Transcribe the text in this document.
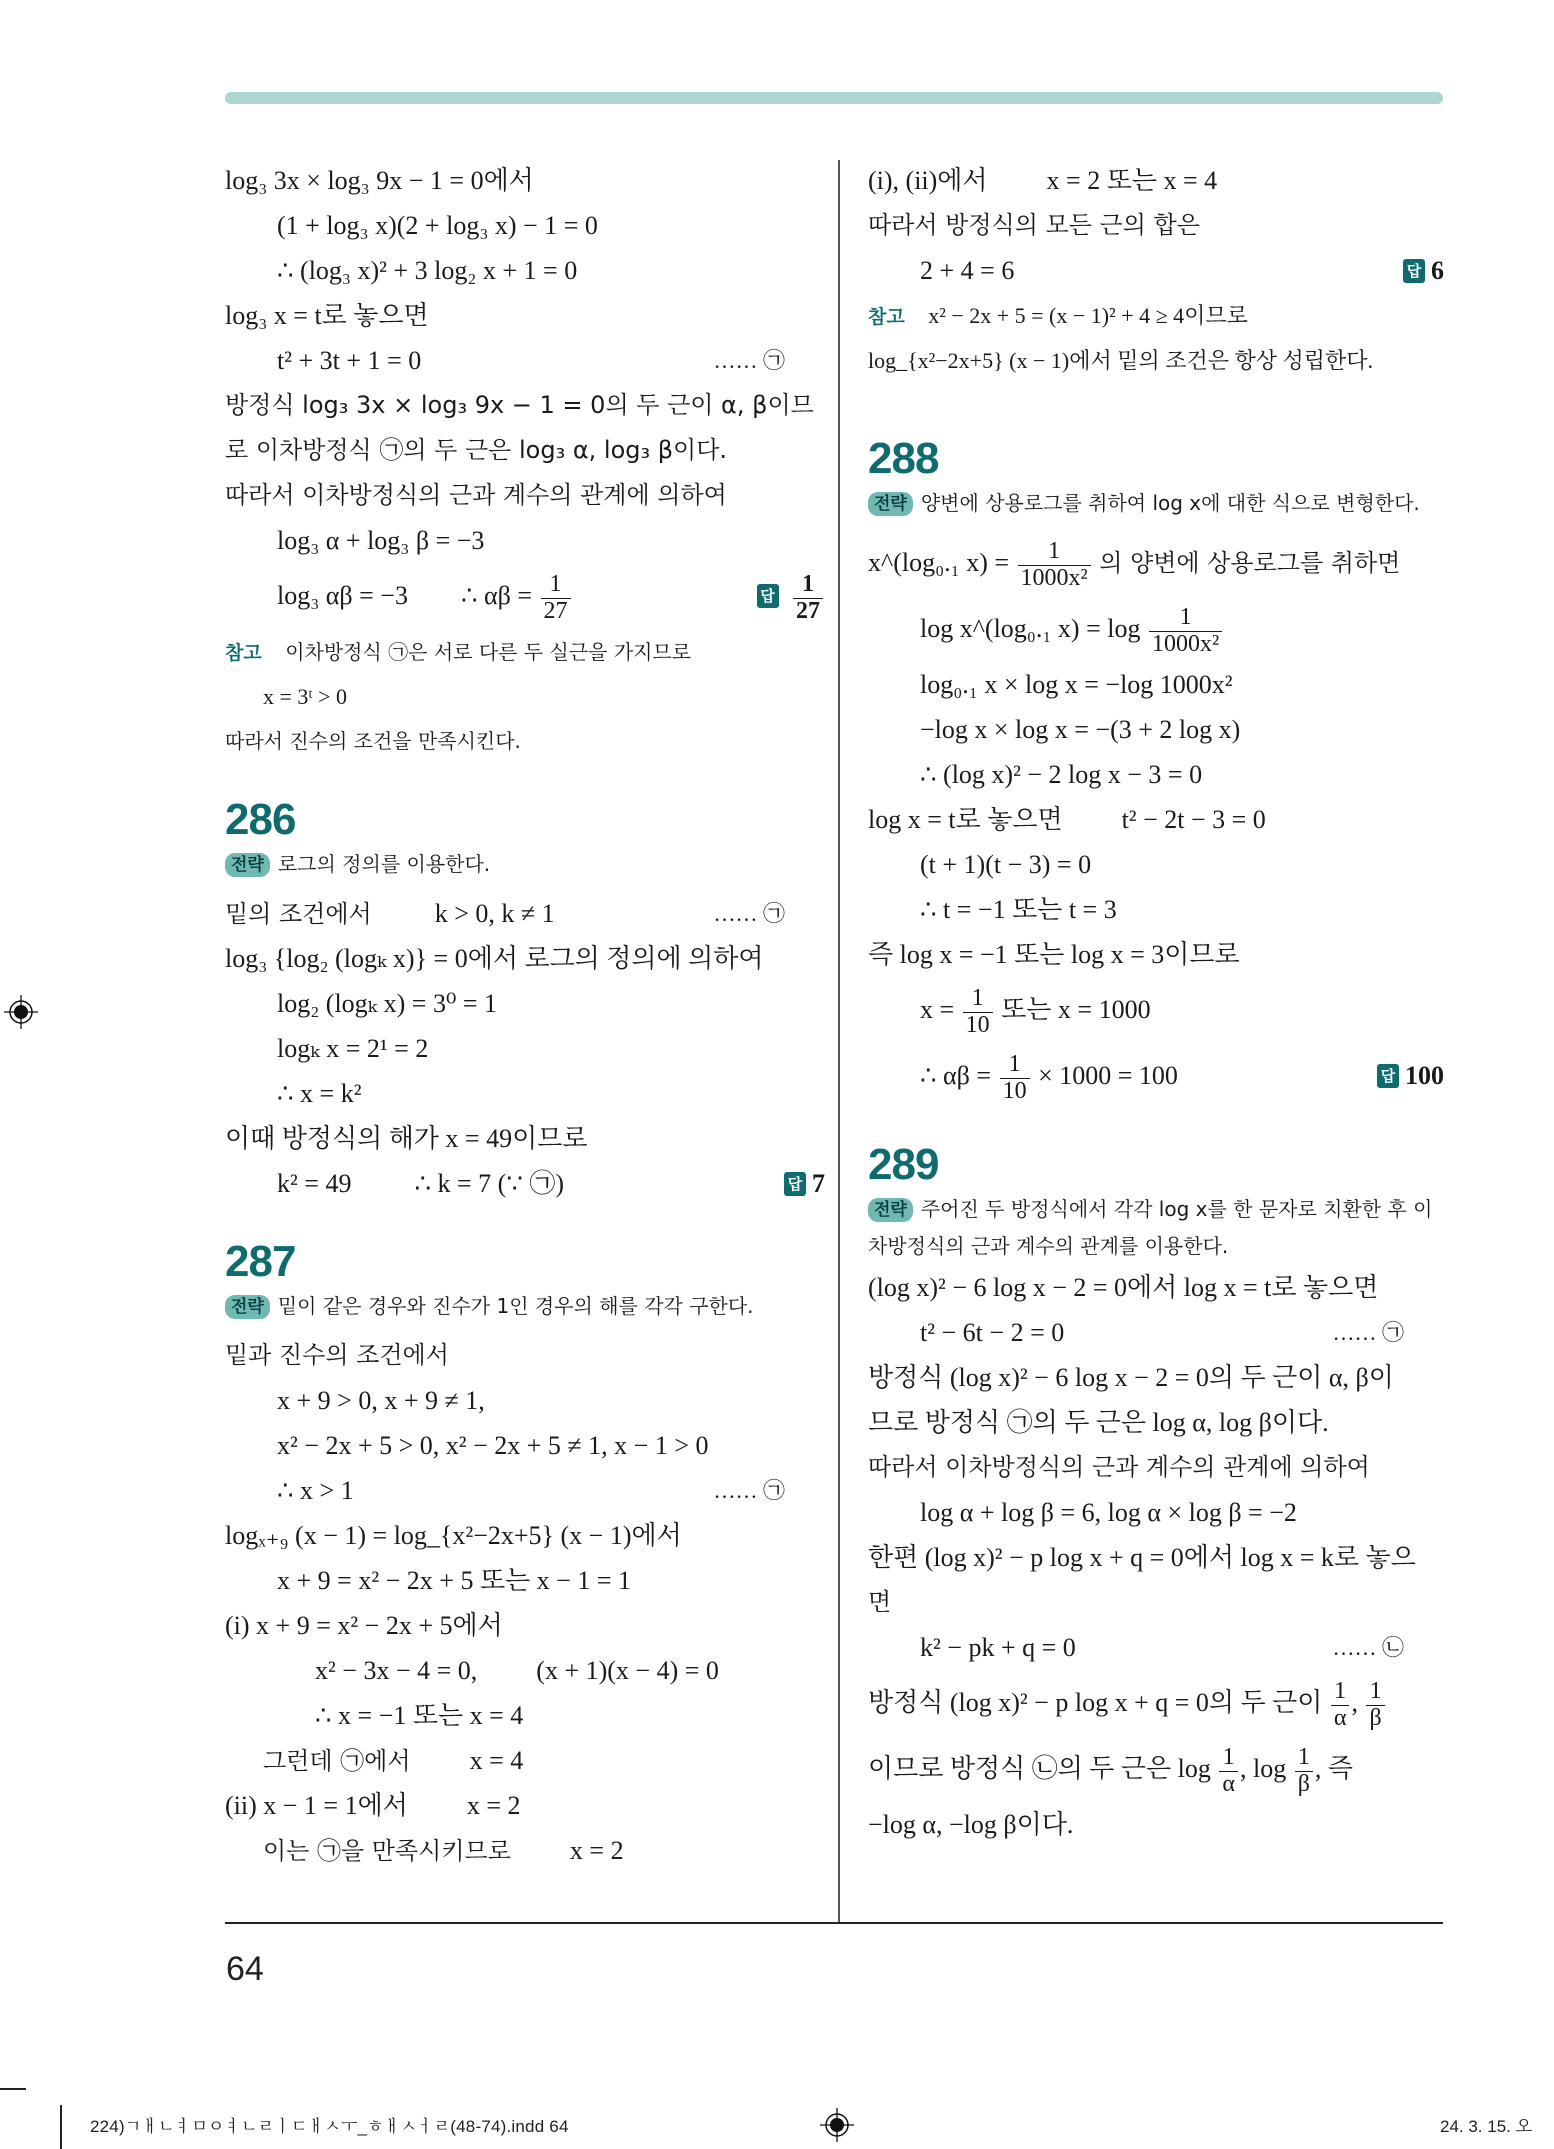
log₃ 3x × log₃ 9x − 1 = 0에서
(1 + log₃ x)(2 + log₃ x) − 1 = 0
∴ (log₃ x)² + 3 log₂ x + 1 = 0
log₃ x = t로 놓으면
t² + 3t + 1 = 0	…… ㉠
방정식 log₃ 3x × log₃ 9x − 1 = 0의 두 근이 α, β이므
로 이차방정식 ㉠의 두 근은 log₃ α, log₃ β이다.
따라서 이차방정식의 근과 계수의 관계에 의하여
log₃ α + log₃ β = −3
log₃ αβ = −3 ∴ $\alpha\beta = \frac{1}{27}$	답 $\frac{1}{27}$
참고 이차방정식 ㉠은 서로 다른 두 실근을 가지므로
x = 3ᵗ > 0
따라서 진수의 조건을 만족시킨다.
286
전략 로그의 정의를 이용한다.
밑의 조건에서 k > 0, k ≠ 1	…… ㉠
log₃ {log₂ (logₖ x)} = 0에서 로그의 정의에 의하여
log₂ (logₖ x) = 3⁰ = 1
logₖ x = 2¹ = 2
∴ x = k²
이때 방정식의 해가 x = 49이므로
k² = 49 ∴ k = 7 (∵ ㉠)	답 7
287
전략 밑이 같은 경우와 진수가 1인 경우의 해를 각각 구한다.
밑과 진수의 조건에서
x + 9 > 0, x + 9 ≠ 1,
x² − 2x + 5 > 0, x² − 2x + 5 ≠ 1, x − 1 > 0
∴ x > 1	…… ㉠
logₓ₊₉ (x − 1) = log_{x²−2x+5} (x − 1)에서
x + 9 = x² − 2x + 5 또는 x − 1 = 1
(i) x + 9 = x² − 2x + 5에서
x² − 3x − 4 = 0, (x + 1)(x − 4) = 0
∴ x = −1 또는 x = 4
그런데 ㉠에서 x = 4
(ii) x − 1 = 1에서 x = 2
이는 ㉠을 만족시키므로 x = 2
(i), (ii)에서 x = 2 또는 x = 4
따라서 방정식의 모든 근의 합은
2 + 4 = 6	답 6
참고 x² − 2x + 5 = (x − 1)² + 4 ≥ 4이므로
log_{x²−2x+5} (x − 1)에서 밑의 조건은 항상 성립한다.
288
전략 양변에 상용로그를 취하여 log x에 대한 식으로 변형한다.
x^(log₀.₁ $x) = \frac{1}{\text{1000x²}}$ 의 양변에 상용로그를 취하면
log x^(log₀.₁ $x) = \log \frac{1}{\text{1000x²}}$
log₀.₁ x × log x = −log 1000x²
−log x × log x = −(3 + 2 log x)
∴ (log x)² − 2 log x − 3 = 0
log x = t로 놓으면 t² − 2t − 3 = 0
(t + 1)(t − 3) = 0
∴ t = −1 또는 t = 3
즉 log x = −1 또는 log x = 3이므로
$x = \frac{1}{10}$ 또는 x = 1000
∴ $\alpha\beta = \frac{1}{10} \times 1000 = 100$	답 100
289
전략 주어진 두 방정식에서 각각 log x를 한 문자로 치환한 후 이차방정식의 근과 계수의 관계를 이용한다.
(log x)² − 6 log x − 2 = 0에서 log x = t로 놓으면
t² − 6t − 2 = 0	…… ㉠
방정식 (log x)² − 6 log x − 2 = 0의 두 근이 α, β이
므로 방정식 ㉠의 두 근은 log α, log β이다.
따라서 이차방정식의 근과 계수의 관계에 의하여
log α + log β = 6, log α × log β = −2
한편 (log x)² − p log x + q = 0에서 log x = k로 놓으
면
k² − pk + q = 0	…… ㉡
방정식 (log x)² − p log x + q = 0의 두 근이 $\frac{1}{\alpha}$ , $\frac{1}{\beta}$
이므로 방정식 ㉡의 두 근은 $\log \frac{1}{\alpha}$ , $\log \frac{1}{\beta}$ , 즉
−log α, −log β이다.
64
224)ㄱㅐㄴㅕㅁㅇㅕㄴㄹㅣㄷㅐㅅㅜ_ㅎㅐㅅㅓㄹ(48-74).indd 64	24. 3. 15. 오
